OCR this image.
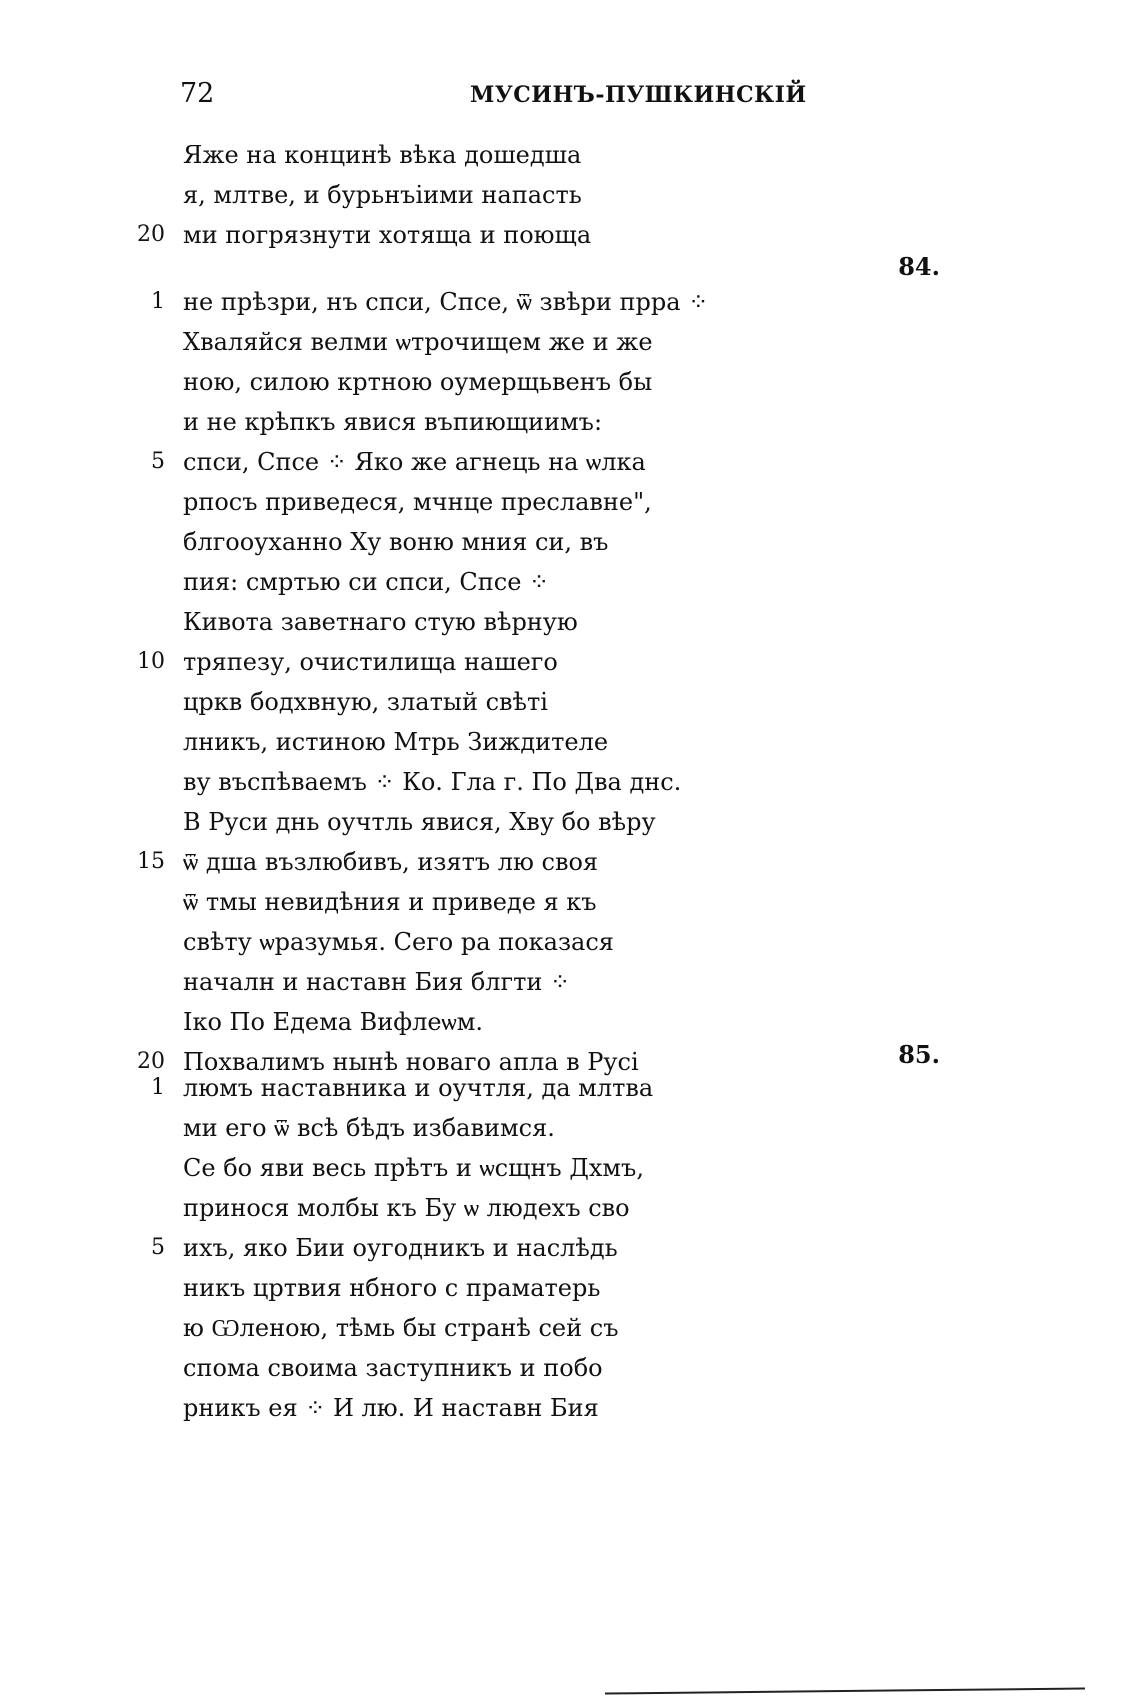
72	МУСИНЪ-ПУШКИНСКІЙ
Яже на концинѣ вѣка дошедша
я, млтве, и бурьнъіими напасть
20 ми погрязнути хотяща и поюща
84.
1 не прѣзри, нъ спси, Спсе, ѿ звѣри прра ⁘
Хваляйся велми ѡтрочищем же и же
ною, силою кртною оумерщьвенъ бы
и не крѣпкъ явися въпиющиимъ:
5 спси, Спсе ⁘ Яко же агнець на ѡлка
рпосъ приведеся, мчнце преславне",
блгооуханно Ху воню мния си, въ
пия: смртью си спси, Спсе ⁘
Кивота заветнаго стую вѣрную
10 тряпезу, очистилища нашего
цркв бодхвную, златый свѣті
лникъ, истиною Мтрь Зиждителе
ву въспѣваемъ ⁘ Ко. Гла г. По Два днс.
В Руси днь оучтль явися, Хву бо вѣру
15 ѿ дша възлюбивъ, изятъ лю своя
ѿ тмы невидѣния и приведе я къ
свѣту ѡразумья. Сего ра показася
началн и наставн Бия блгти ⁘
Іко По Едема Вифлеѡм.
20 Похвалимъ нынѣ новаго апла в Русі	85.
1 люмъ наставника и оучтля, да млтва
ми его ѿ всѣ бѣдъ избавимся.
Се бо яви весь прѣтъ и ѡсщнъ Дхмъ,
принося молбы къ Бу ѡ людехъ сво
5 ихъ, яко Бии оугодникъ и наслѣдь
никъ цртвия нбного с праматерь
ю Ѡленою, тѣмь бы странѣ сей съ
спома своима заступникъ и побо
рникъ ея ⁘ И лю. И наставн Бия
